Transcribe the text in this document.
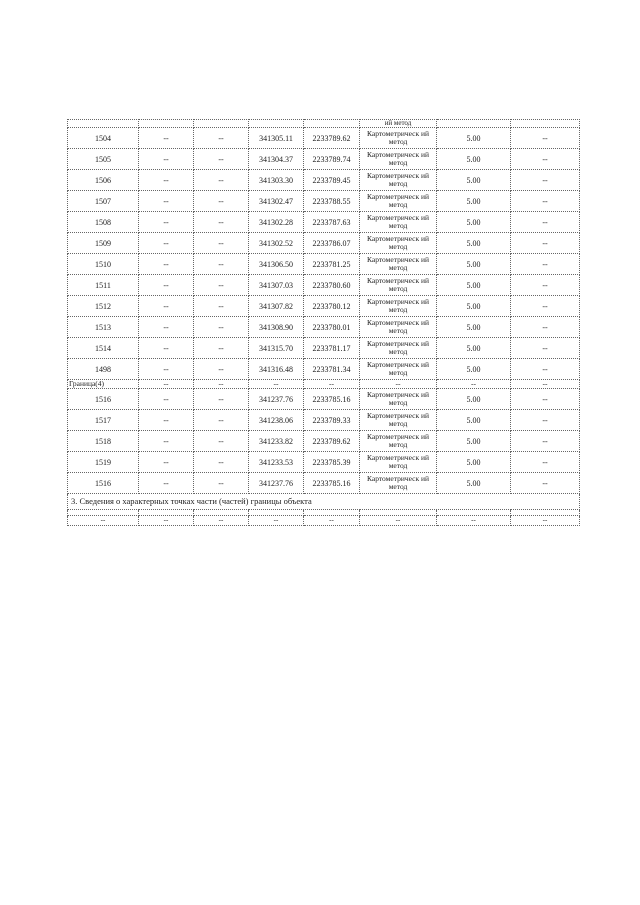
					ий метод		
1504	--	--	341305.11	2233789.62	Картометрическ ий метод	5.00	--
1505	--	--	341304.37	2233789.74	Картометрическ ий метод	5.00	--
1506	--	--	341303.30	2233789.45	Картометрическ ий метод	5.00	--
1507	--	--	341302.47	2233788.55	Картометрическ ий метод	5.00	--
1508	--	--	341302.28	2233787.63	Картометрическ ий метод	5.00	--
1509	--	--	341302.52	2233786.07	Картометрическ ий метод	5.00	--
1510	--	--	341306.50	2233781.25	Картометрическ ий метод	5.00	--
1511	--	--	341307.03	2233780.60	Картометрическ ий метод	5.00	--
1512	--	--	341307.82	2233780.12	Картометрическ ий метод	5.00	--
1513	--	--	341308.90	2233780.01	Картометрическ ий метод	5.00	--
1514	--	--	341315.70	2233781.17	Картометрическ ий метод	5.00	--
1498	--	--	341316.48	2233781.34	Картометрическ ий метод	5.00	--
Граница(4)	--	--	--	--	--	--	--
1516	--	--	341237.76	2233785.16	Картометрическ ий метод	5.00	--
1517	--	--	341238.06	2233789.33	Картометрическ ий метод	5.00	--
1518	--	--	341233.82	2233789.62	Картометрическ ий метод	5.00	--
1519	--	--	341233.53	2233785.39	Картометрическ ий метод	5.00	--
1516	--	--	341237.76	2233785.16	Картометрическ ий метод	5.00	--
3. Сведения о характерных точках части (частей) границы объекта							

--	--	--	--	--	--	--	--
